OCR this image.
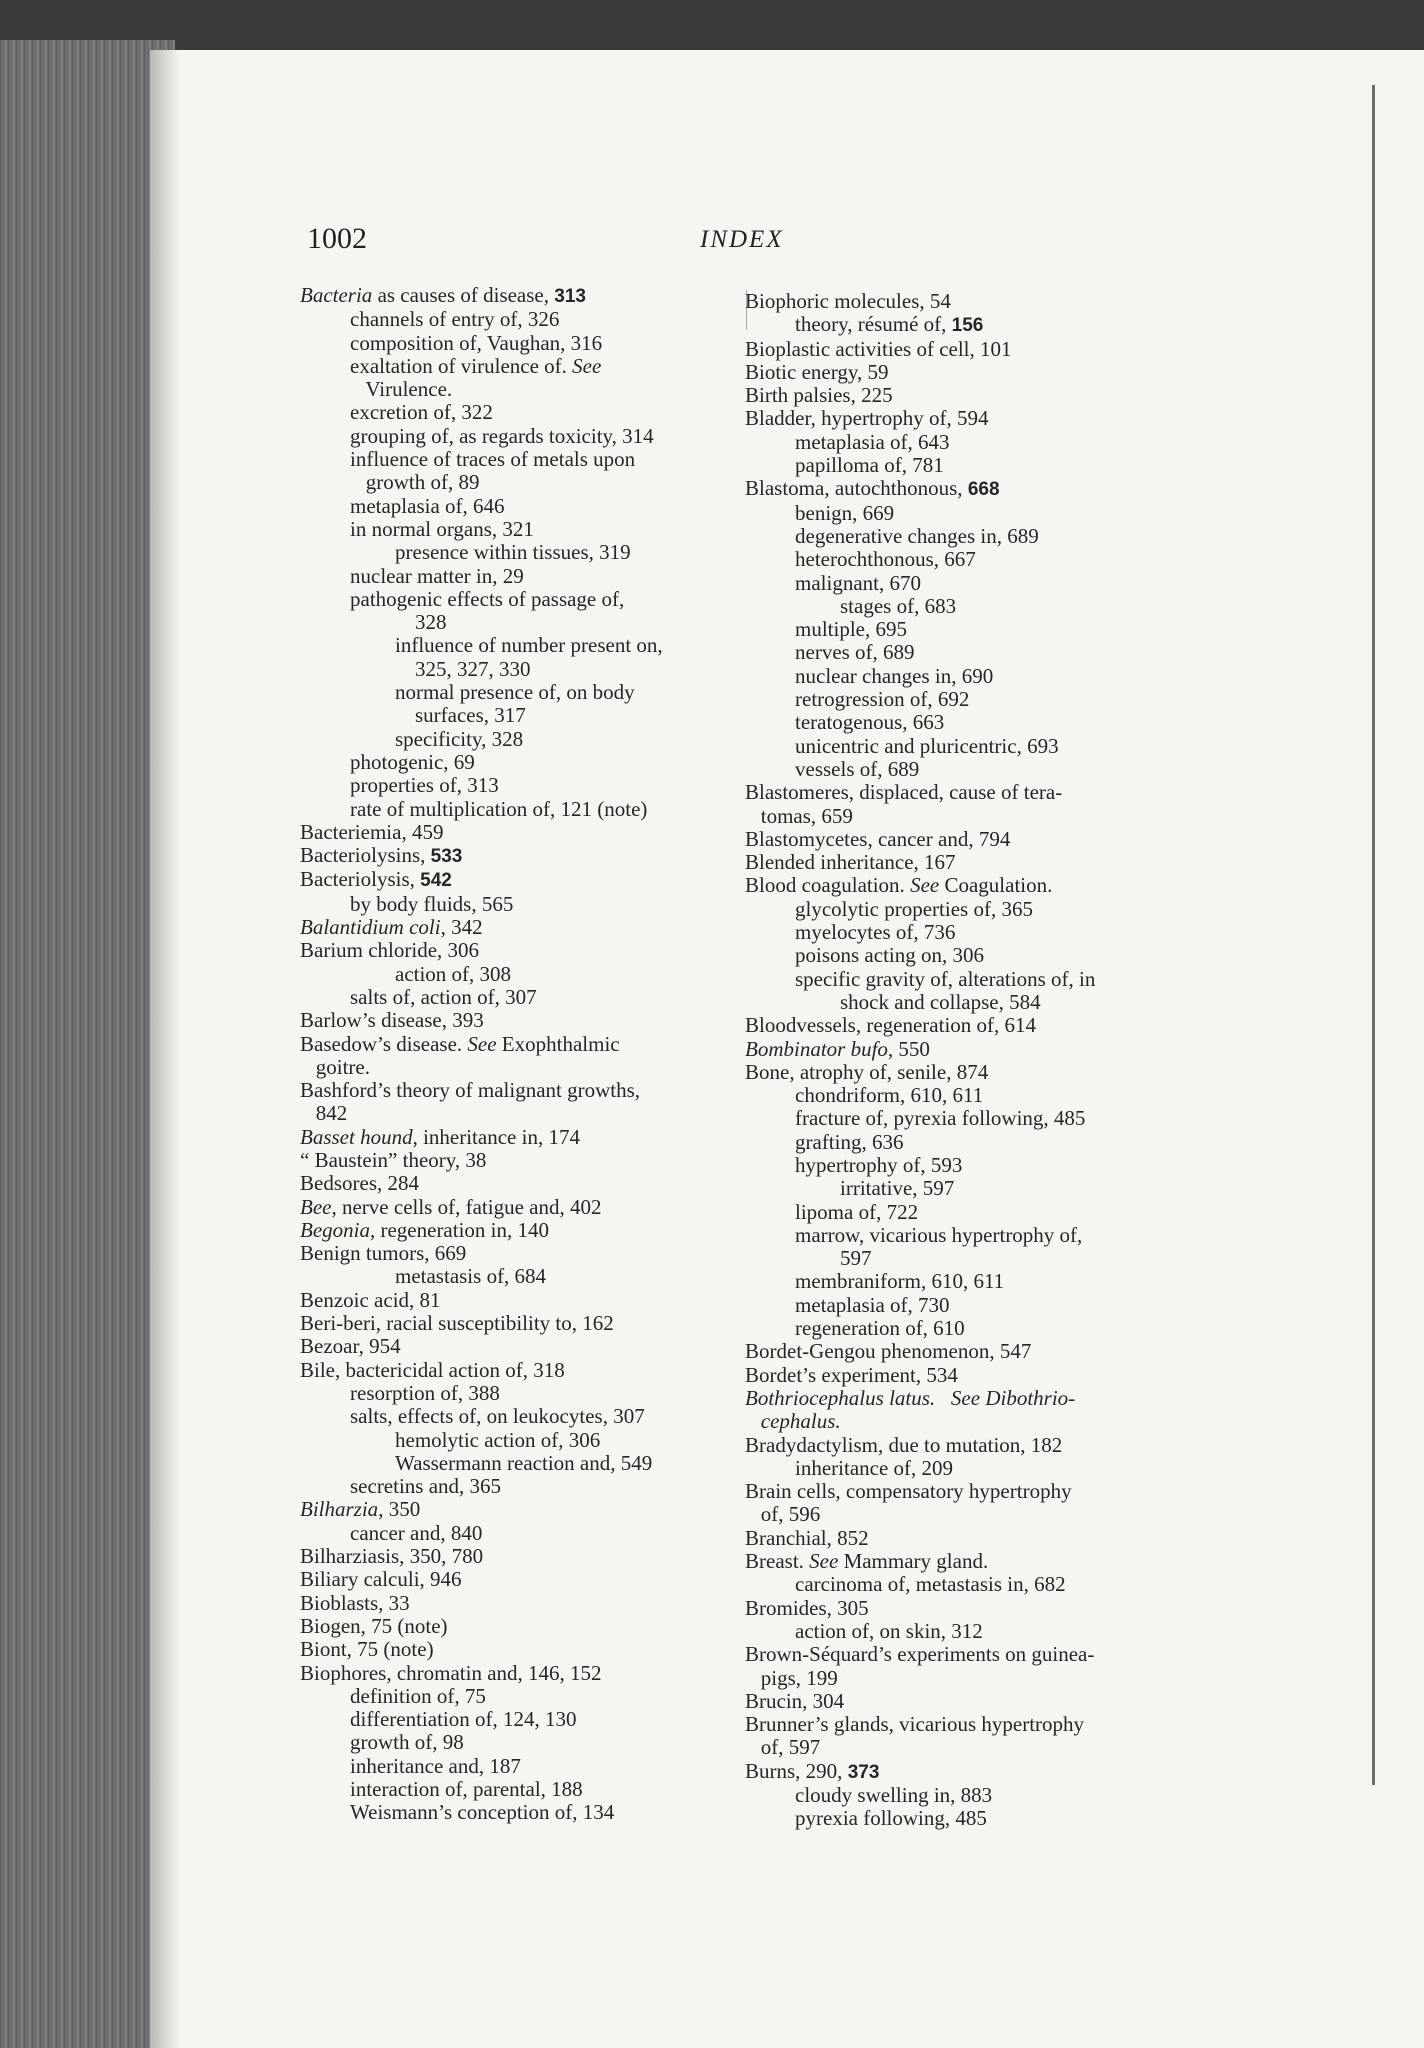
1002	INDEX
Bacteria as causes of disease, 313
channels of entry of, 326
composition of, Vaughan, 316
exaltation of virulence of. See
Virulence.
excretion of, 322
grouping of, as regards toxicity, 314
influence of traces of metals upon
growth of, 89
metaplasia of, 646
in normal organs, 321
presence within tissues, 319
nuclear matter in, 29
pathogenic effects of passage of,
328
influence of number present on,
325, 327, 330
normal presence of, on body
surfaces, 317
specificity, 328
photogenic, 69
properties of, 313
rate of multiplication of, 121 (note)
Bacteriemia, 459
Bacteriolysins, 533
Bacteriolysis, 542
by body fluids, 565
Balantidium coli, 342
Barium chloride, 306
action of, 308
salts of, action of, 307
Barlow’s disease, 393
Basedow’s disease. See Exophthalmic
goitre.
Bashford’s theory of malignant growths,
842
Basset hound, inheritance in, 174
“ Baustein” theory, 38
Bedsores, 284
Bee, nerve cells of, fatigue and, 402
Begonia, regeneration in, 140
Benign tumors, 669
metastasis of, 684
Benzoic acid, 81
Beri-beri, racial susceptibility to, 162
Bezoar, 954
Bile, bactericidal action of, 318
resorption of, 388
salts, effects of, on leukocytes, 307
hemolytic action of, 306
Wassermann reaction and, 549
secretins and, 365
Bilharzia, 350
cancer and, 840
Bilharziasis, 350, 780
Biliary calculi, 946
Bioblasts, 33
Biogen, 75 (note)
Biont, 75 (note)
Biophores, chromatin and, 146, 152
definition of, 75
differentiation of, 124, 130
growth of, 98
inheritance and, 187
interaction of, parental, 188
Weismann’s conception of, 134
Biophoric molecules, 54
theory, résumé of, 156
Bioplastic activities of cell, 101
Biotic energy, 59
Birth palsies, 225
Bladder, hypertrophy of, 594
metaplasia of, 643
papilloma of, 781
Blastoma, autochthonous, 668
benign, 669
degenerative changes in, 689
heterochthonous, 667
malignant, 670
stages of, 683
multiple, 695
nerves of, 689
nuclear changes in, 690
retrogression of, 692
teratogenous, 663
unicentric and pluricentric, 693
vessels of, 689
Blastomeres, displaced, cause of tera-
tomas, 659
Blastomycetes, cancer and, 794
Blended inheritance, 167
Blood coagulation. See Coagulation.
glycolytic properties of, 365
myelocytes of, 736
poisons acting on, 306
specific gravity of, alterations of, in
shock and collapse, 584
Bloodvessels, regeneration of, 614
Bombinator bufo, 550
Bone, atrophy of, senile, 874
chondriform, 610, 611
fracture of, pyrexia following, 485
grafting, 636
hypertrophy of, 593
irritative, 597
lipoma of, 722
marrow, vicarious hypertrophy of,
597
membraniform, 610, 611
metaplasia of, 730
regeneration of, 610
Bordet-Gengou phenomenon, 547
Bordet’s experiment, 534
Bothriocephalus latus. See Dibothrio-
cephalus.
Bradydactylism, due to mutation, 182
inheritance of, 209
Brain cells, compensatory hypertrophy
of, 596
Branchial, 852
Breast. See Mammary gland.
carcinoma of, metastasis in, 682
Bromides, 305
action of, on skin, 312
Brown-Séquard’s experiments on guinea-
pigs, 199
Brucin, 304
Brunner’s glands, vicarious hypertrophy
of, 597
Burns, 290, 373
cloudy swelling in, 883
pyrexia following, 485
